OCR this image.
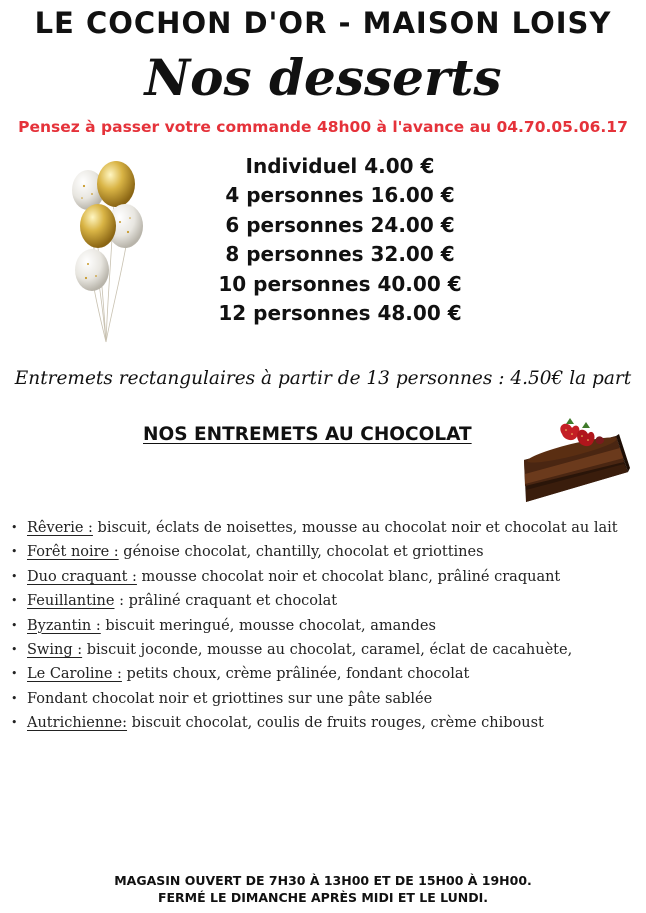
LE COCHON D'OR - MAISON LOISY
Nos desserts
Pensez à passer votre commande 48h00 à l'avance au 04.70.05.06.17
Individuel 4.00 €
4 personnes 16.00 €
6 personnes 24.00 €
8 personnes 32.00 €
10 personnes 40.00 €
12 personnes 48.00 €
Entremets rectangulaires à partir de 13 personnes : 4.50€ la part
NOS ENTREMETS AU CHOCOLAT
• Rêverie : biscuit, éclats de noisettes, mousse au chocolat noir et chocolat au lait
• Forêt noire : génoise chocolat, chantilly, chocolat et griottines
• Duo craquant : mousse chocolat noir et chocolat blanc, prâliné craquant
• Feuillantine : prâliné craquant et chocolat
• Byzantin : biscuit meringué, mousse chocolat, amandes
• Swing : biscuit joconde, mousse au chocolat, caramel, éclat de cacahuète,
• Le Caroline : petits choux, crème prâlinée, fondant chocolat
• Fondant chocolat noir et griottines sur une pâte sablée
• Autrichienne: biscuit chocolat, coulis de fruits rouges, crème chiboust
MAGASIN OUVERT DE 7H30 À 13H00 ET DE 15H00 À 19H00.
FERMÉ LE DIMANCHE APRÈS MIDI ET LE LUNDI.
